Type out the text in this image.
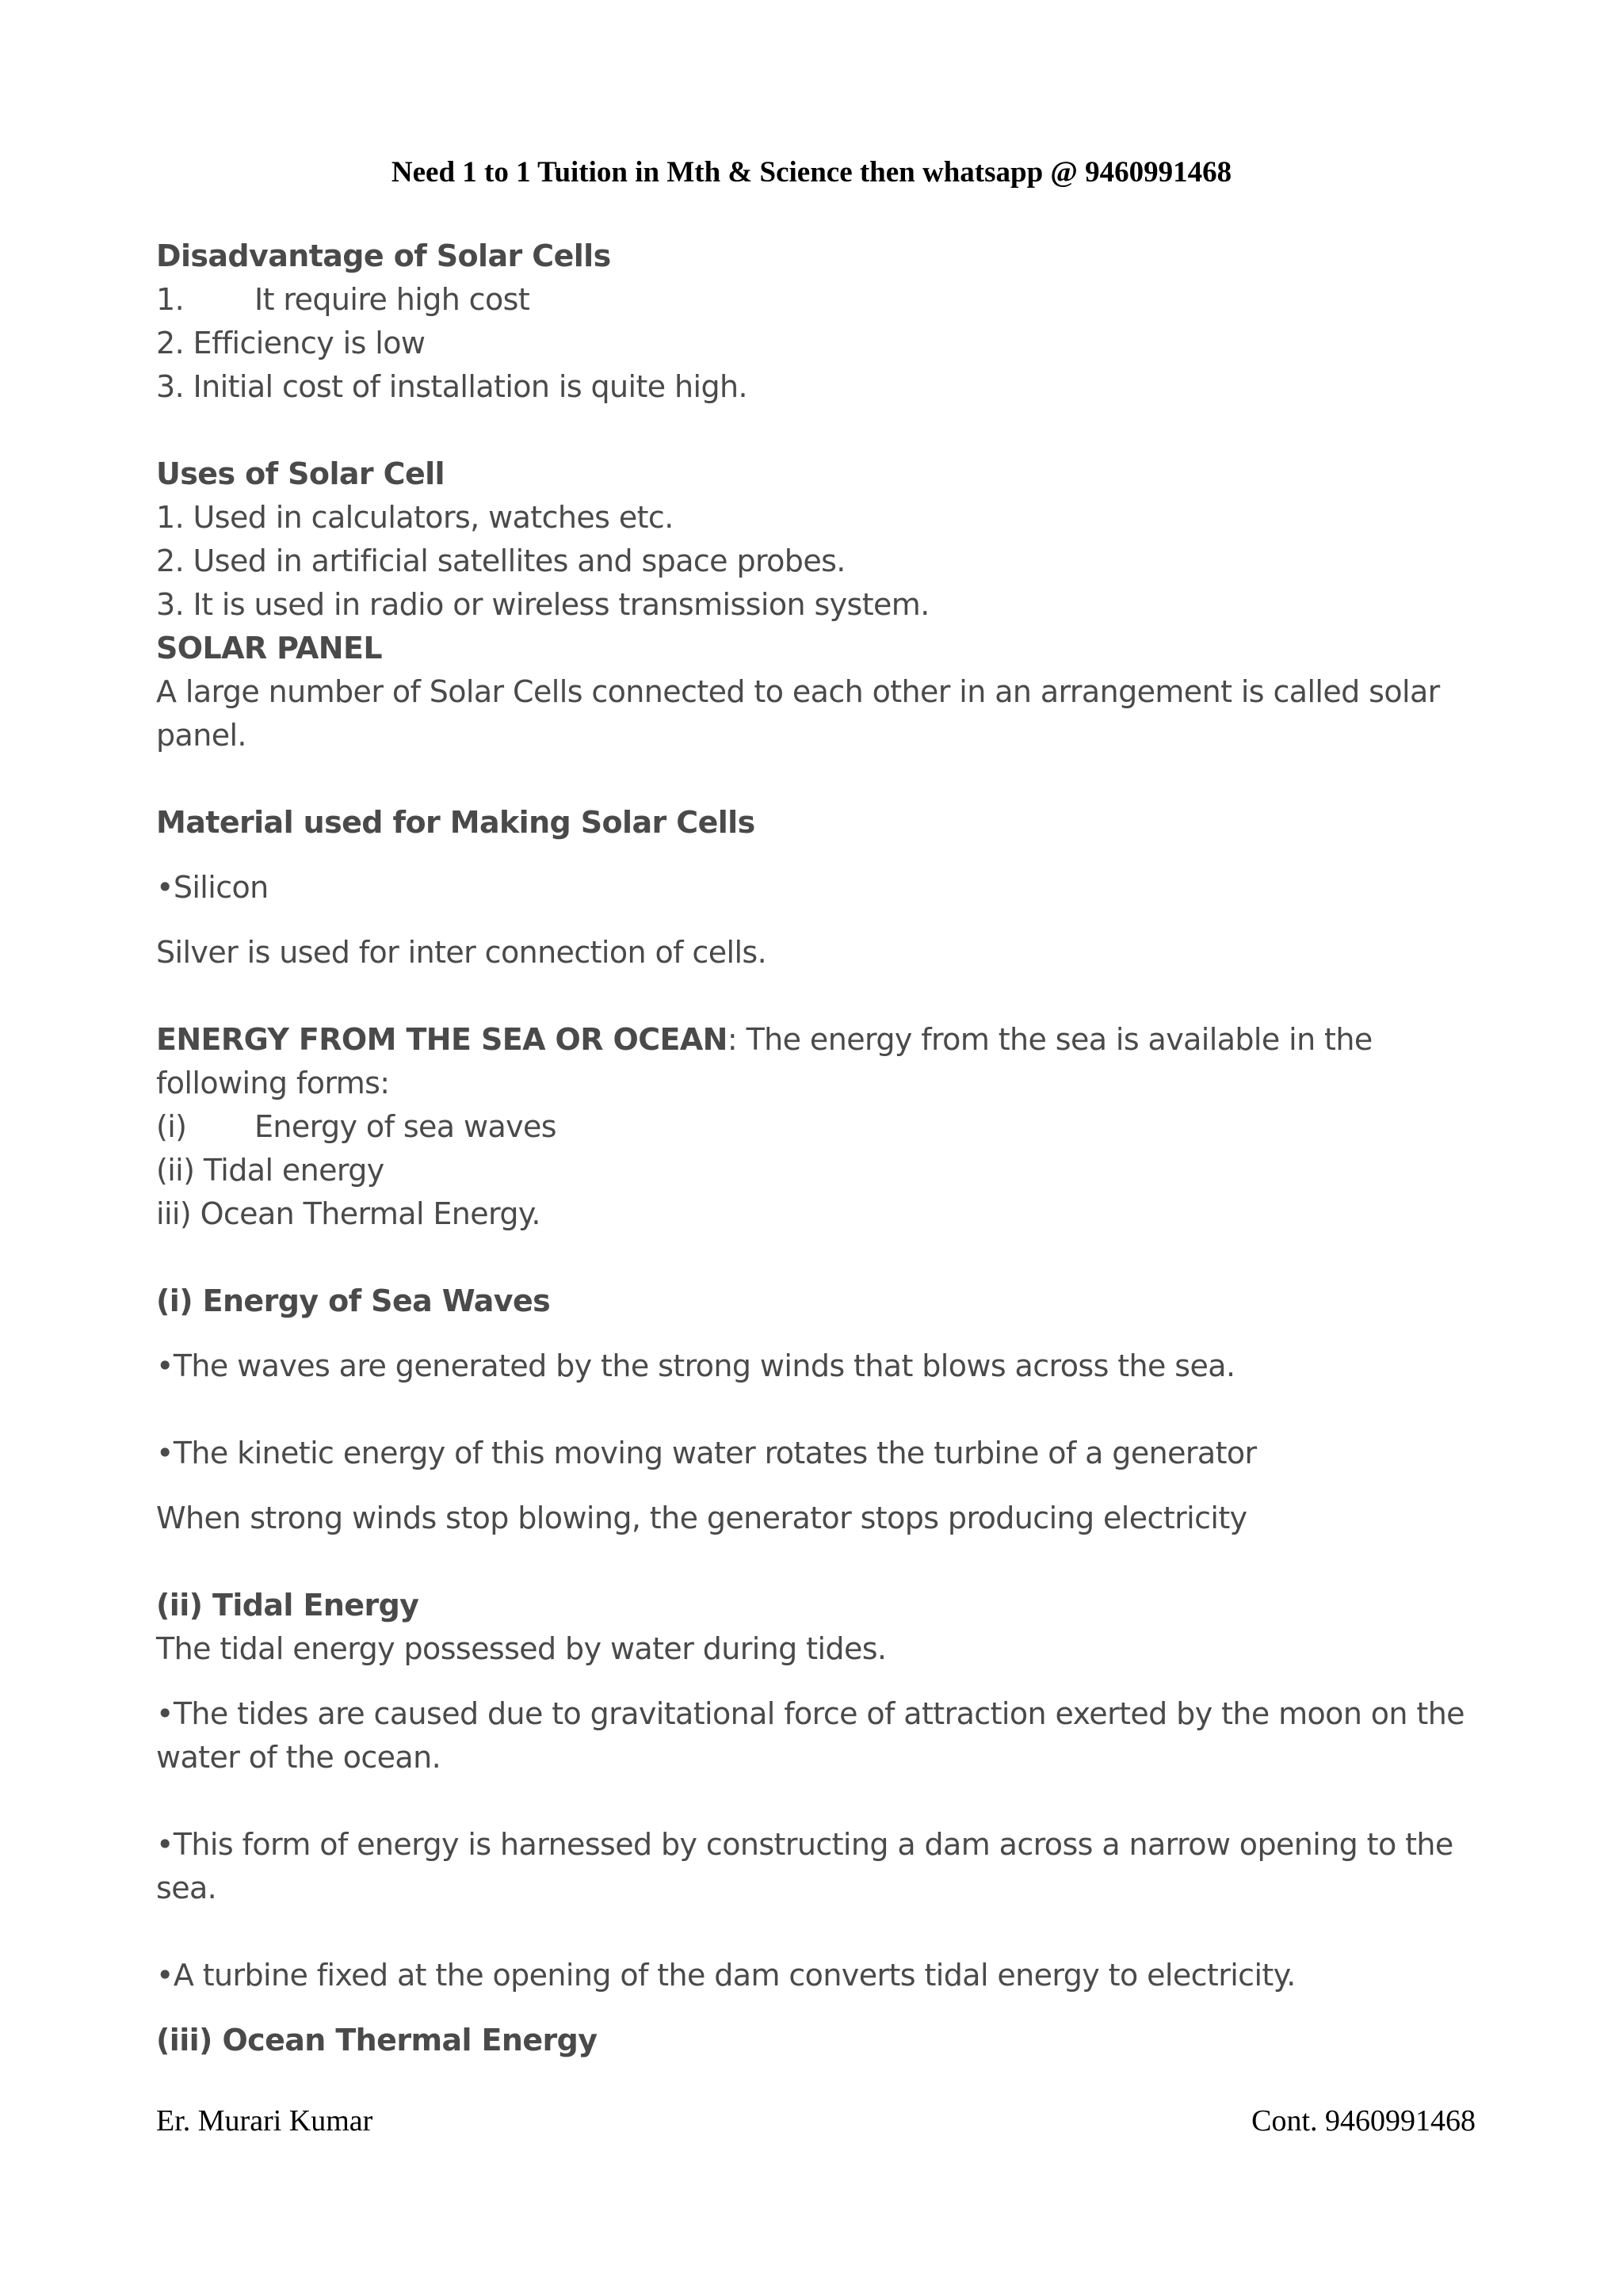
Need 1 to 1 Tuition in Mth & Science then whatsapp @ 9460991468

Disadvantage of Solar Cells

1. It require high cost

2. Efficiency is low

3. Initial cost of installation is quite high.

Uses of Solar Cell

1. Used in calculators, watches etc.

2. Used in artificial satellites and space probes.

3. It is used in radio or wireless transmission system.

SOLAR PANEL

A large number of Solar Cells connected to each other in an arrangement is called solar panel.

Material used for Making Solar Cells

•Silicon

Silver is used for inter connection of cells.

ENERGY FROM THE SEA OR OCEAN: The energy from the sea is available in the following forms:

(i) Energy of sea waves

(ii) Tidal energy

iii) Ocean Thermal Energy.

(i) Energy of Sea Waves

•The waves are generated by the strong winds that blows across the sea.

•The kinetic energy of this moving water rotates the turbine of a generator

When strong winds stop blowing, the generator stops producing electricity

(ii) Tidal Energy

The tidal energy possessed by water during tides.

•The tides are caused due to gravitational force of attraction exerted by the moon on the water of the ocean.

•This form of energy is harnessed by constructing a dam across a narrow opening to the sea.

•A turbine fixed at the opening of the dam converts tidal energy to electricity.

(iii) Ocean Thermal Energy

Er. Murari Kumar	Cont. 9460991468
